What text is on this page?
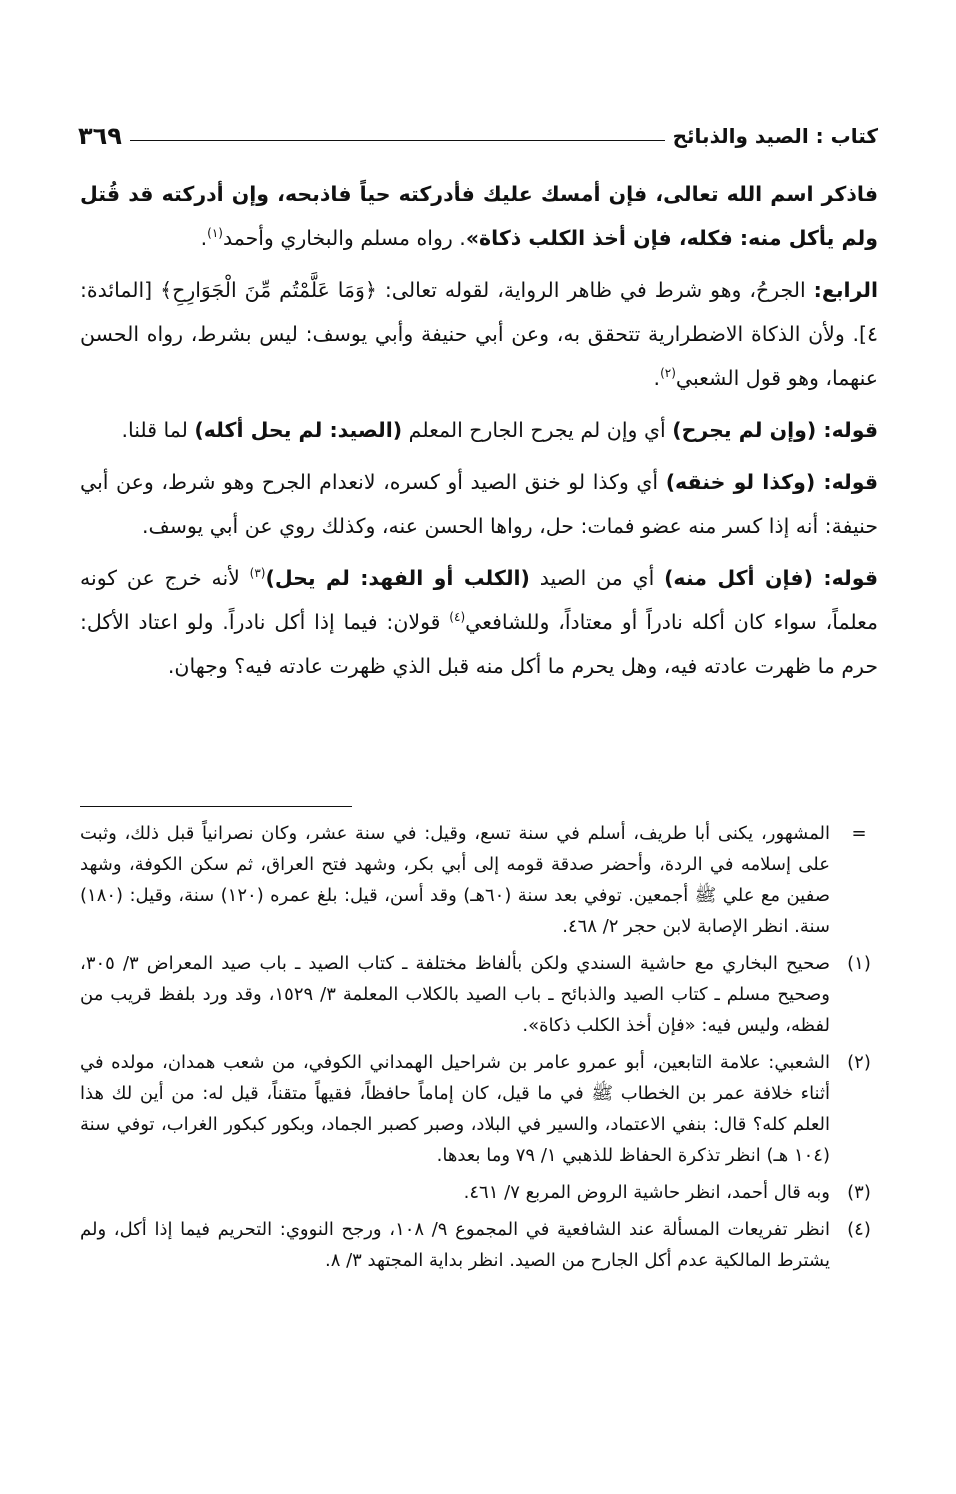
كتاب : الصيد والذبائح
٣٦٩

فاذكر اسم الله تعالى، فإن أمسك عليك فأدركته حياً فاذبحه، وإن أدركته قد قُتل ولم يأكل منه: فكله، فإن أخذ الكلب ذكاة». رواه مسلم والبخاري وأحمد$^{(١)}$.

الرابع: الجرحُ، وهو شرط في ظاهر الرواية، لقوله تعالى: ﴿وَمَا عَلَّمْتُم مِّنَ الْجَوَارِحِ﴾ [المائدة: ٤]. ولأن الذكاة الاضطرارية تتحقق به، وعن أبي حنيفة وأبي يوسف: ليس بشرط، رواه الحسن عنهما، وهو قول الشعبي$^{(٢)}$.

قوله: (وإن لم يجرح) أي وإن لم يجرح الجارح المعلم (الصيد: لم يحل أكله) لما قلنا.

قوله: (وكذا لو خنقه) أي وكذا لو خنق الصيد أو كسره، لانعدام الجرح وهو شرط، وعن أبي حنيفة: أنه إذا كسر منه عضو فمات: حل، رواها الحسن عنه، وكذلك روي عن أبي يوسف.

قوله: (فإن أكل منه) أي من الصيد (الكلب أو الفهد: لم يحل)$^{(٣)}$ لأنه خرج عن كونه معلماً، سواء كان أكله نادراً أو معتاداً، وللشافعي$^{(٤)}$ قولان: فيما إذا أكل نادراً. ولو اعتاد الأكل: حرم ما ظهرت عادته فيه، وهل يحرم ما أكل منه قبل الذي ظهرت عادته فيه؟ وجهان.

=
المشهور، يكنى أبا طريف، أسلم في سنة تسع، وقيل: في سنة عشر، وكان نصرانياً قبل ذلك، وثبت على إسلامه في الردة، وأحضر صدقة قومه إلى أبي بكر، وشهد فتح العراق، ثم سكن الكوفة، وشهد صفين مع علي ﷺ أجمعين. توفي بعد سنة (٦٠هـ) وقد أسن، قيل: بلغ عمره (١٢٠) سنة، وقيل: (١٨٠) سنة. انظر الإصابة لابن حجر ٢/ ٤٦٨.
(١)
صحيح البخاري مع حاشية السندي ولكن بألفاظ مختلفة ـ كتاب الصيد ـ باب صيد المعراض ٣/ ٣٠٥، وصحيح مسلم ـ كتاب الصيد والذبائح ـ باب الصيد بالكلاب المعلمة ٣/ ١٥٢٩، وقد ورد بلفظ قريب من لفظه، وليس فيه: «فإن أخذ الكلب ذكاة».
(٢)
الشعبي: علامة التابعين، أبو عمرو عامر بن شراحيل الهمداني الكوفي، من شعب همدان، مولده في أثناء خلافة عمر بن الخطاب ﷺ في ما قيل، كان إماماً حافظاً، فقيهاً متقناً، قيل له: من أين لك هذا العلم كله؟ قال: بنفي الاعتماد، والسير في البلاد، وصبر كصبر الجماد، وبكور كبكور الغراب، توفي سنة (١٠٤ هـ) انظر تذكرة الحفاظ للذهبي ١/ ٧٩ وما بعدها.
(٣)
وبه قال أحمد، انظر حاشية الروض المربع ٧/ ٤٦١.
(٤)
انظر تفريعات المسألة عند الشافعية في المجموع ٩/ ١٠٨، ورجح النووي: التحريم فيما إذا أكل، ولم يشترط المالكية عدم أكل الجارح من الصيد. انظر بداية المجتهد ٣/ ٨.
